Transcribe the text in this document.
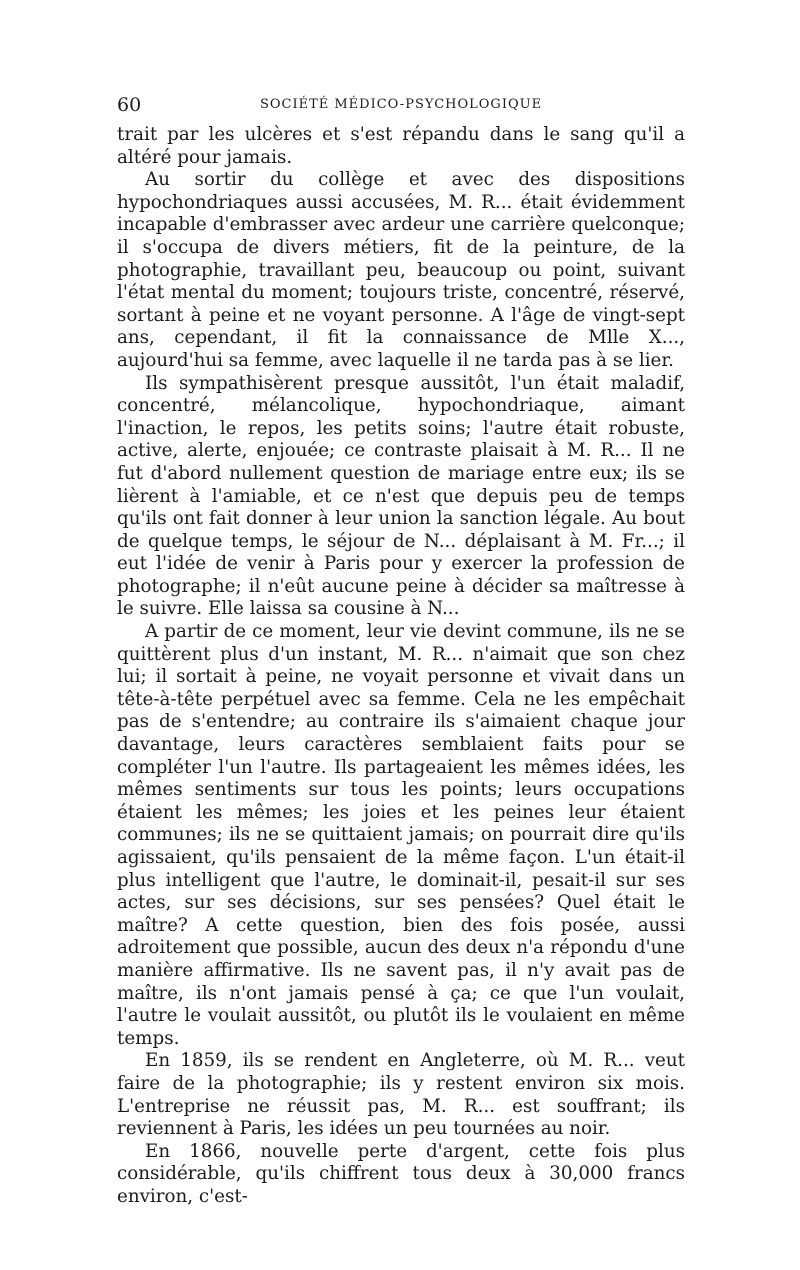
60	SOCIÉTÉ MÉDICO-PSYCHOLOGIQUE

trait par les ulcères et s'est répandu dans le sang qu'il a altéré pour jamais.

Au sortir du collège et avec des dispositions hypochondriaques aussi accusées, M. R... était évidemment incapable d'embrasser avec ardeur une carrière quelconque; il s'occupa de divers métiers, fit de la peinture, de la photographie, travaillant peu, beaucoup ou point, suivant l'état mental du moment; toujours triste, concentré, réservé, sortant à peine et ne voyant personne. A l'âge de vingt-sept ans, cependant, il fit la connaissance de Mlle X..., aujourd'hui sa femme, avec laquelle il ne tarda pas à se lier.

Ils sympathisèrent presque aussitôt, l'un était maladif, concentré, mélancolique, hypochondriaque, aimant l'inaction, le repos, les petits soins; l'autre était robuste, active, alerte, enjouée; ce contraste plaisait à M. R... Il ne fut d'abord nullement question de mariage entre eux; ils se lièrent à l'amiable, et ce n'est que depuis peu de temps qu'ils ont fait donner à leur union la sanction légale. Au bout de quelque temps, le séjour de N... déplaisant à M. Fr...; il eut l'idée de venir à Paris pour y exercer la profession de photographe; il n'eût aucune peine à décider sa maîtresse à le suivre. Elle laissa sa cousine à N...

A partir de ce moment, leur vie devint commune, ils ne se quittèrent plus d'un instant, M. R... n'aimait que son chez lui; il sortait à peine, ne voyait personne et vivait dans un tête-à-tête perpétuel avec sa femme. Cela ne les empêchait pas de s'entendre; au contraire ils s'aimaient chaque jour davantage, leurs caractères semblaient faits pour se compléter l'un l'autre. Ils partageaient les mêmes idées, les mêmes sentiments sur tous les points; leurs occupations étaient les mêmes; les joies et les peines leur étaient communes; ils ne se quittaient jamais; on pourrait dire qu'ils agissaient, qu'ils pensaient de la même façon. L'un était-il plus intelligent que l'autre, le dominait-il, pesait-il sur ses actes, sur ses décisions, sur ses pensées? Quel était le maître? A cette question, bien des fois posée, aussi adroitement que possible, aucun des deux n'a répondu d'une manière affirmative. Ils ne savent pas, il n'y avait pas de maître, ils n'ont jamais pensé à ça; ce que l'un voulait, l'autre le voulait aussitôt, ou plutôt ils le voulaient en même temps.

En 1859, ils se rendent en Angleterre, où M. R... veut faire de la photographie; ils y restent environ six mois. L'entreprise ne réussit pas, M. R... est souffrant; ils reviennent à Paris, les idées un peu tournées au noir.

En 1866, nouvelle perte d'argent, cette fois plus considérable, qu'ils chiffrent tous deux à 30,000 francs environ, c'est-
